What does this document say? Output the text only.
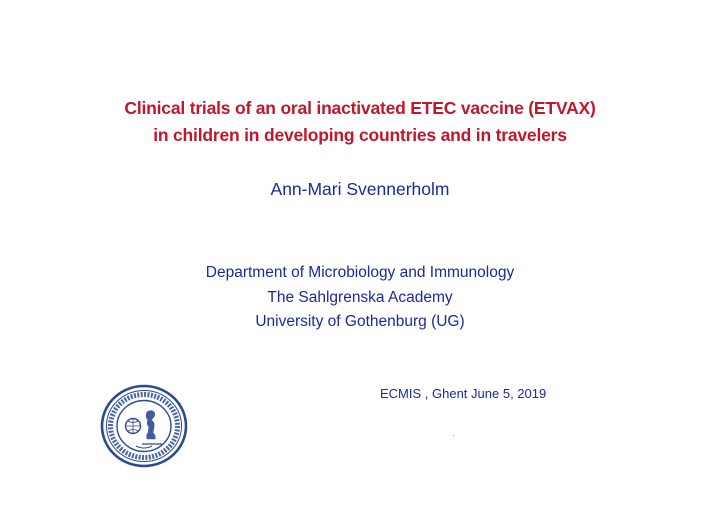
Clinical trials of an oral inactivated ETEC vaccine (ETVAX)
in children in developing countries and in travelers
Ann-Mari Svennerholm
Department of Microbiology and Immunology
The Sahlgrenska Academy
University of Gothenburg (UG)
ECMIS , Ghent June 5, 2019
